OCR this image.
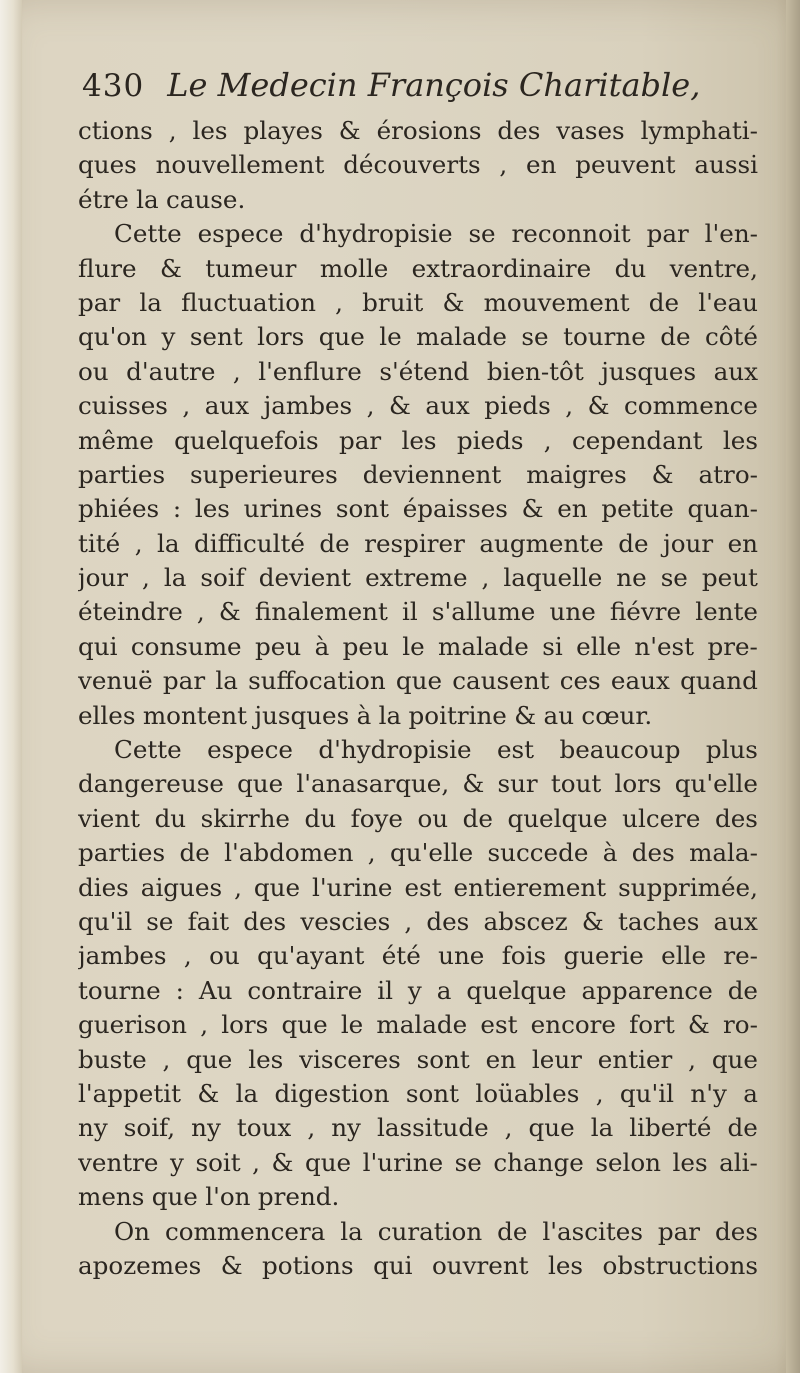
430 Le Medecin François Charitable,
ctions , les playes & érosions des vases lymphati-
ques nouvellement découverts , en peuvent aussi
étre la cause.
Cette espece d'hydropisie se reconnoit par l'en-
flure & tumeur molle extraordinaire du ventre,
par la fluctuation , bruit & mouvement de l'eau
qu'on y sent lors que le malade se tourne de côté
ou d'autre , l'enflure s'étend bien-tôt jusques aux
cuisses , aux jambes , & aux pieds , & commence
même quelquefois par les pieds , cependant les
parties superieures deviennent maigres & atro-
phiées : les urines sont épaisses & en petite quan-
tité , la difficulté de respirer augmente de jour en
jour , la soif devient extreme , laquelle ne se peut
éteindre , & finalement il s'allume une fiévre lente
qui consume peu à peu le malade si elle n'est pre-
venuë par la suffocation que causent ces eaux quand
elles montent jusques à la poitrine & au cœur.
Cette espece d'hydropisie est beaucoup plus
dangereuse que l'anasarque, & sur tout lors qu'elle
vient du skirrhe du foye ou de quelque ulcere des
parties de l'abdomen , qu'elle succede à des mala-
dies aigues , que l'urine est entierement supprimée,
qu'il se fait des vescies , des abscez & taches aux
jambes , ou qu'ayant été une fois guerie elle re-
tourne : Au contraire il y a quelque apparence de
guerison , lors que le malade est encore fort & ro-
buste , que les visceres sont en leur entier , que
l'appetit & la digestion sont loüables , qu'il n'y a
ny soif, ny toux , ny lassitude , que la liberté de
ventre y soit , & que l'urine se change selon les ali-
mens que l'on prend.
On commencera la curation de l'ascites par des
apozemes & potions qui ouvrent les obstructions
